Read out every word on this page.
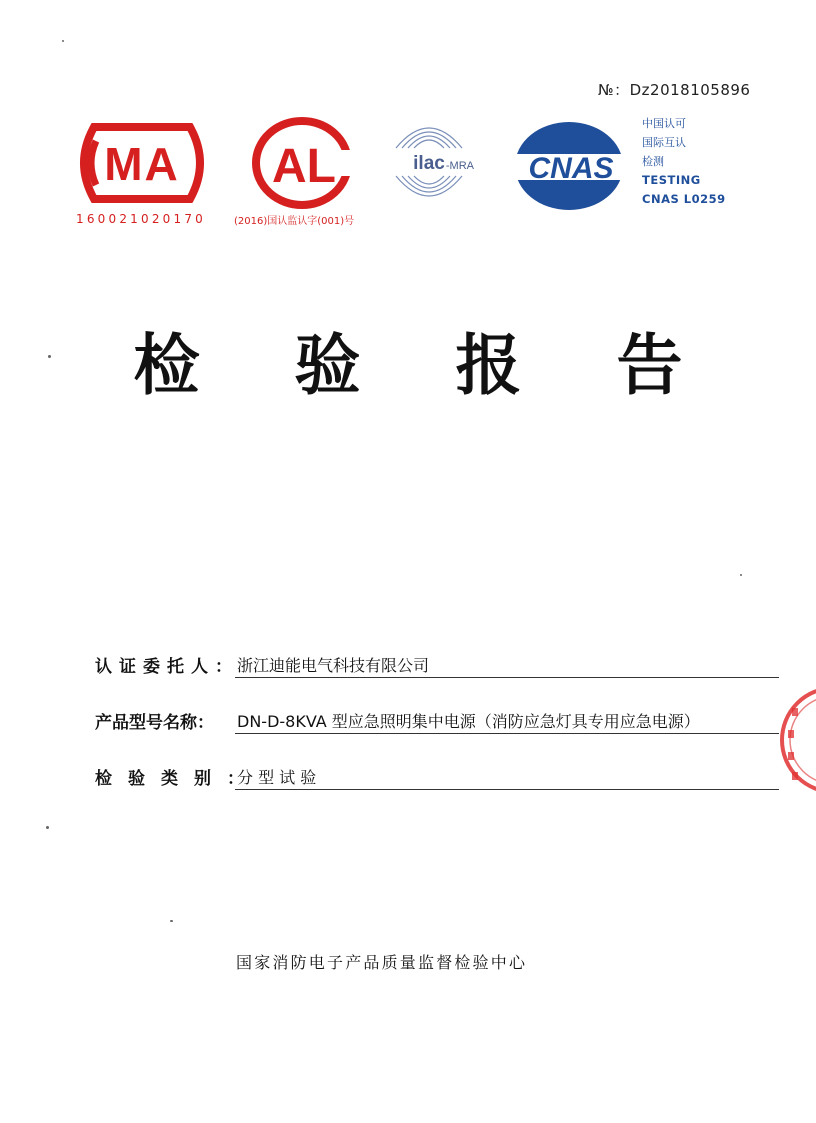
№：Dz2018105896
MA
160021020170
AL
(2016)国认监认字(001)号
ilac -MRA CNAS
中国认可
国际互认
检测
TESTING
CNAS L0259
检 验 报 告
认证委托人：
浙江迪能电气科技有限公司
产品型号名称： DN-D-8KVA 型应急照明集中电源（消防应急灯具专用应急电源）
检验类别：
分 型 试 验
国家消防电子产品质量监督检验中心
